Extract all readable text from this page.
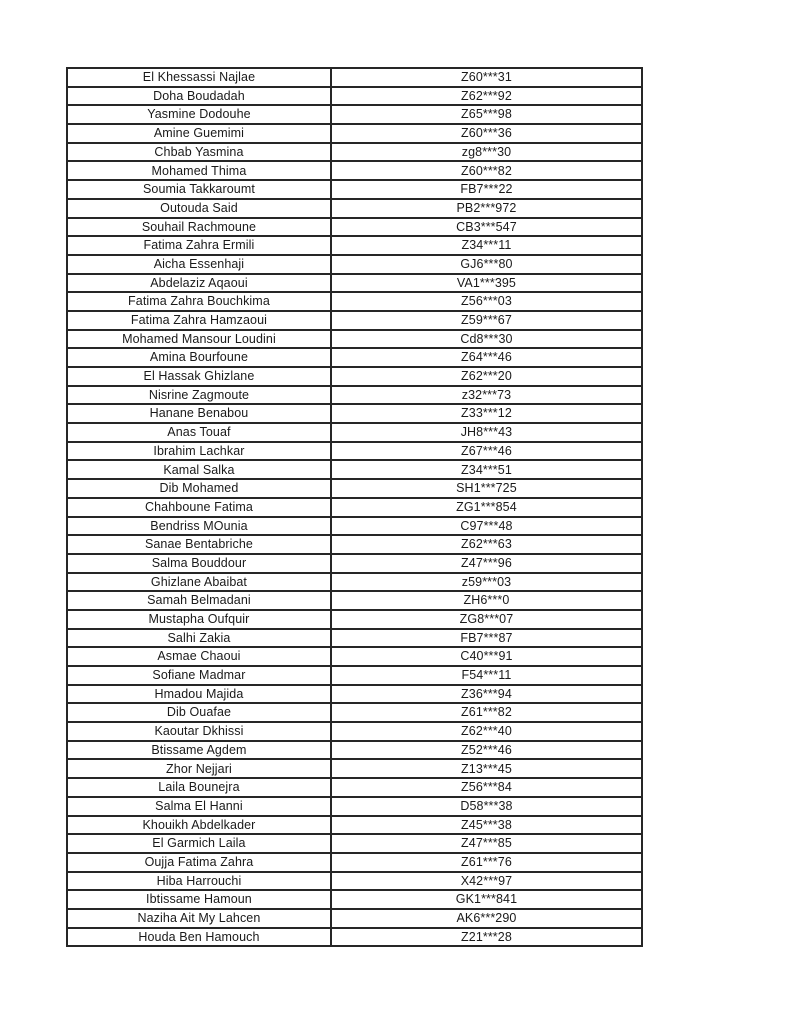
El Khessassi Najlae	Z60***31
Doha Boudadah	Z62***92
Yasmine Dodouhe	Z65***98
Amine Guemimi	Z60***36
Chbab Yasmina	zg8***30
Mohamed Thima	Z60***82
Soumia Takkaroumt	FB7***22
Outouda Said	PB2***972
Souhail Rachmoune	CB3***547
Fatima Zahra Ermili	Z34***11
Aicha Essenhaji	GJ6***80
Abdelaziz Aqaoui	VA1***395
Fatima Zahra Bouchkima	Z56***03
Fatima Zahra Hamzaoui	Z59***67
Mohamed Mansour Loudini	Cd8***30
Amina Bourfoune	Z64***46
El Hassak Ghizlane	Z62***20
Nisrine Zagmoute	z32***73
Hanane Benabou	Z33***12
Anas Touaf	JH8***43
Ibrahim Lachkar	Z67***46
Kamal Salka	Z34***51
Dib Mohamed	SH1***725
Chahboune Fatima	ZG1***854
Bendriss MOunia	C97***48
Sanae Bentabriche	Z62***63
Salma Bouddour	Z47***96
Ghizlane Abaibat	z59***03
Samah Belmadani	ZH6***0
Mustapha Oufquir	ZG8***07
Salhi Zakia	FB7***87
Asmae Chaoui	C40***91
Sofiane Madmar	F54***11
Hmadou Majida	Z36***94
Dib Ouafae	Z61***82
Kaoutar Dkhissi	Z62***40
Btissame Agdem	Z52***46
Zhor Nejjari	Z13***45
Laila Bounejra	Z56***84
Salma El Hanni	D58***38
Khouikh Abdelkader	Z45***38
El Garmich Laila	Z47***85
Oujja Fatima Zahra	Z61***76
Hiba Harrouchi	X42***97
Ibtissame Hamoun	GK1***841
Naziha Ait My Lahcen	AK6***290
Houda Ben Hamouch	Z21***28
